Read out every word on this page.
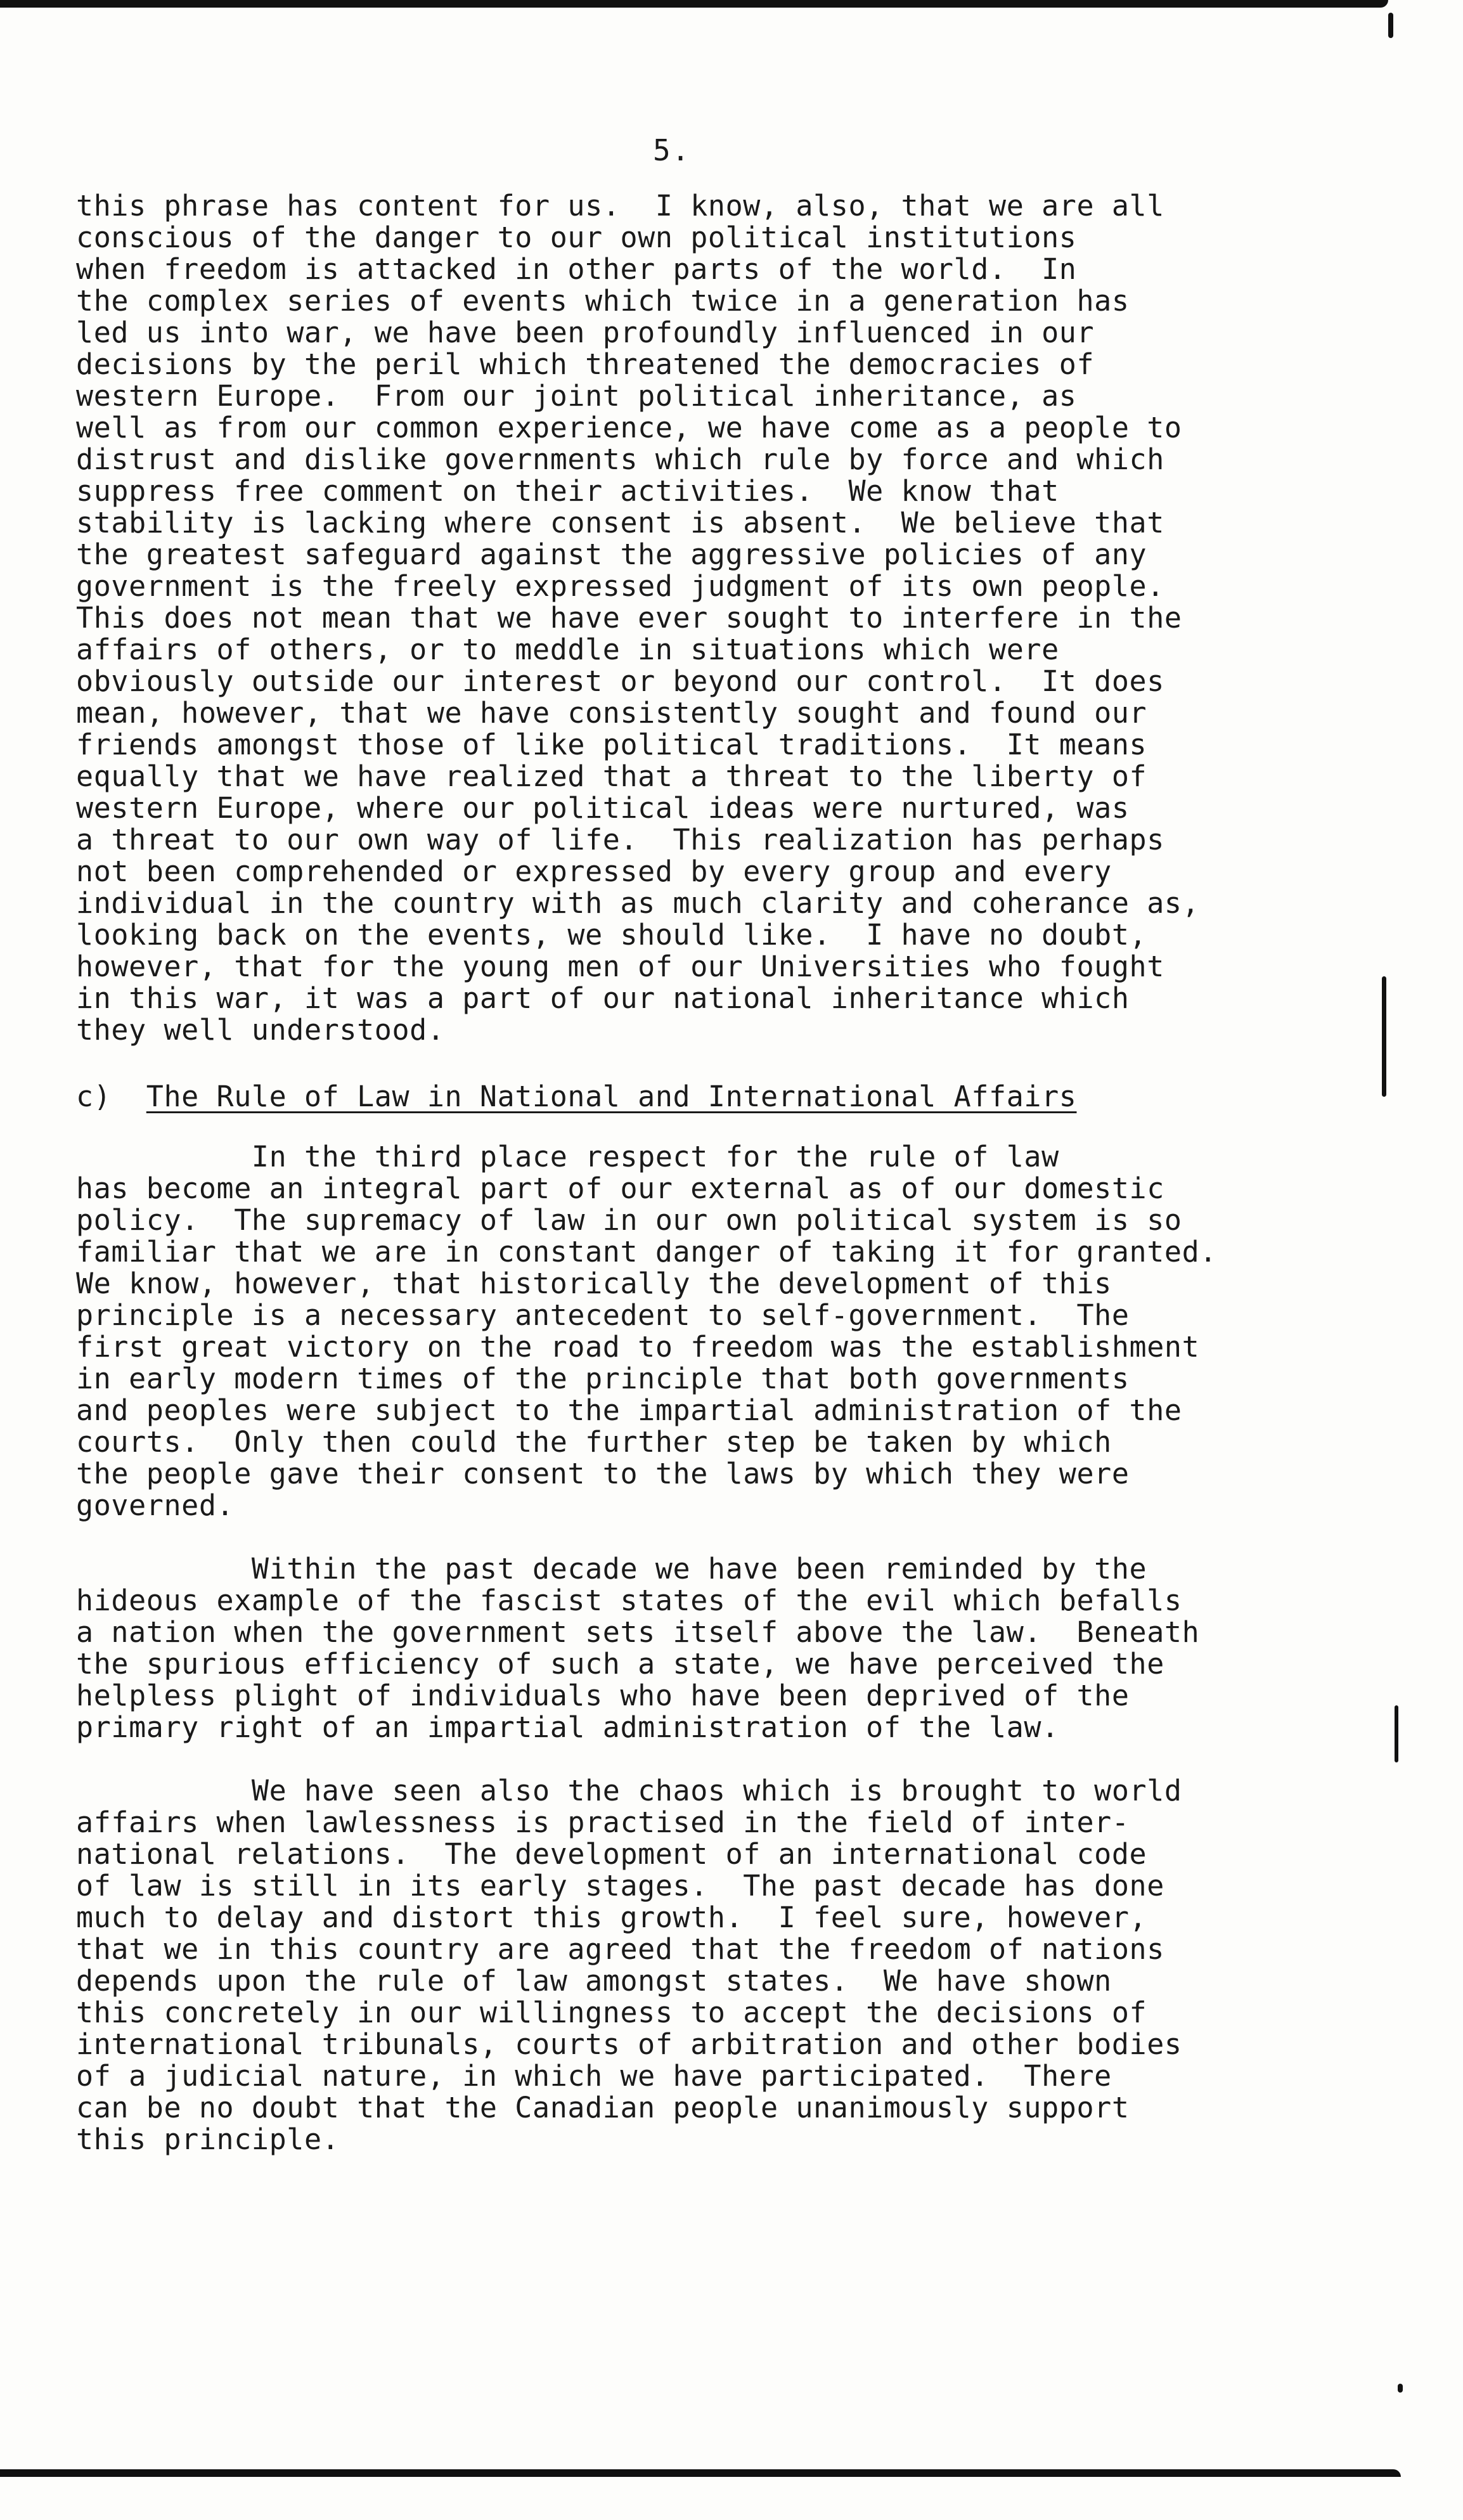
5.
this phrase has content for us.  I know, also, that we are all
conscious of the danger to our own political institutions
when freedom is attacked in other parts of the world.  In
the complex series of events which twice in a generation has
led us into war, we have been profoundly influenced in our
decisions by the peril which threatened the democracies of
western Europe.  From our joint political inheritance, as
well as from our common experience, we have come as a people to
distrust and dislike governments which rule by force and which
suppress free comment on their activities.  We know that
stability is lacking where consent is absent.  We believe that
the greatest safeguard against the aggressive policies of any
government is the freely expressed judgment of its own people.
This does not mean that we have ever sought to interfere in the
affairs of others, or to meddle in situations which were
obviously outside our interest or beyond our control.  It does
mean, however, that we have consistently sought and found our
friends amongst those of like political traditions.  It means
equally that we have realized that a threat to the liberty of
western Europe, where our political ideas were nurtured, was
a threat to our own way of life.  This realization has perhaps
not been comprehended or expressed by every group and every
individual in the country with as much clarity and coherance as,
looking back on the events, we should like.  I have no doubt,
however, that for the young men of our Universities who fought
in this war, it was a part of our national inheritance which
they well understood.
c) The Rule of Law in National and International Affairs
In the third place respect for the rule of law
has become an integral part of our external as of our domestic
policy.  The supremacy of law in our own political system is so
familiar that we are in constant danger of taking it for granted.
We know, however, that historically the development of this
principle is a necessary antecedent to self-government.  The
first great victory on the road to freedom was the establishment
in early modern times of the principle that both governments
and peoples were subject to the impartial administration of the
courts.  Only then could the further step be taken by which
the people gave their consent to the laws by which they were
governed.
Within the past decade we have been reminded by the
hideous example of the fascist states of the evil which befalls
a nation when the government sets itself above the law.  Beneath
the spurious efficiency of such a state, we have perceived the
helpless plight of individuals who have been deprived of the
primary right of an impartial administration of the law.
We have seen also the chaos which is brought to world
affairs when lawlessness is practised in the field of inter-
national relations.  The development of an international code
of law is still in its early stages.  The past decade has done
much to delay and distort this growth.  I feel sure, however,
that we in this country are agreed that the freedom of nations
depends upon the rule of law amongst states.  We have shown
this concretely in our willingness to accept the decisions of
international tribunals, courts of arbitration and other bodies
of a judicial nature, in which we have participated.  There
can be no doubt that the Canadian people unanimously support
this principle.
